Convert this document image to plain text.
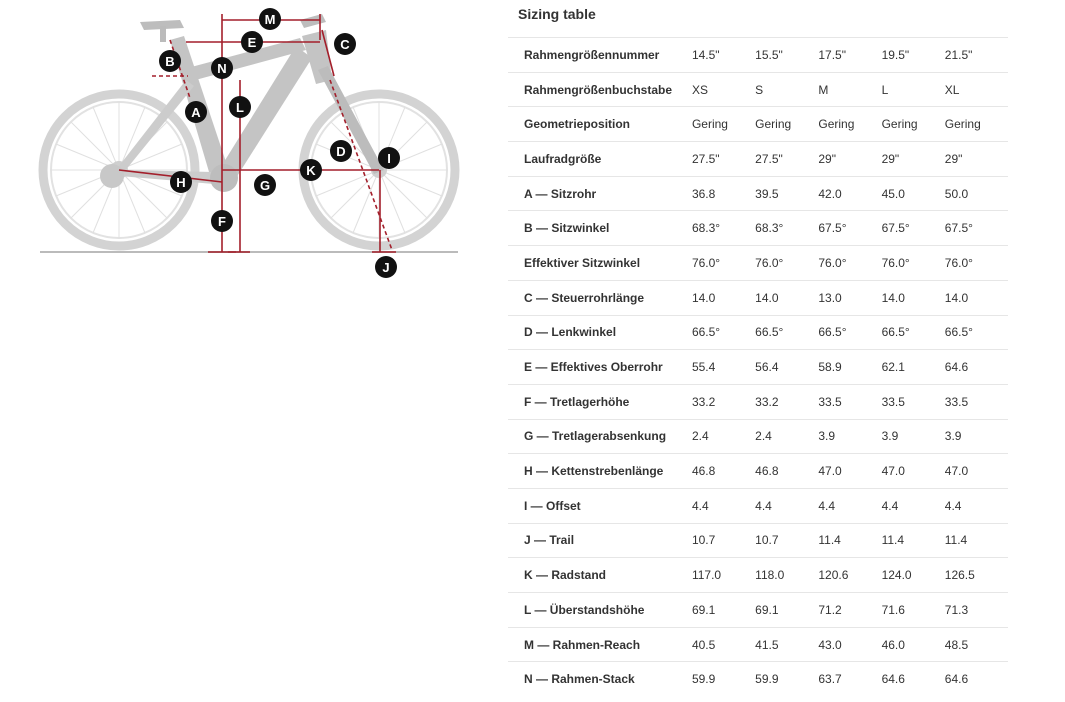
M
E	C
B	N
L
A
D	I
K
H	G
F
J
Sizing table
Rahmengrößennummer	14.5"	15.5"	17.5"	19.5"	21.5"
Rahmengrößenbuchstabe	XS	S	M	L	XL
Geometrieposition	Gering	Gering	Gering	Gering	Gering
Laufradgröße	27.5"	27.5"	29"	29"	29"
A — Sitzrohr	36.8	39.5	42.0	45.0	50.0
B — Sitzwinkel	68.3°	68.3°	67.5°	67.5°	67.5°
Effektiver Sitzwinkel	76.0°	76.0°	76.0°	76.0°	76.0°
C — Steuerrohrlänge	14.0	14.0	13.0	14.0	14.0
D — Lenkwinkel	66.5°	66.5°	66.5°	66.5°	66.5°
E — Effektives Oberrohr	55.4	56.4	58.9	62.1	64.6
F — Tretlagerhöhe	33.2	33.2	33.5	33.5	33.5
G — Tretlagerabsenkung	2.4	2.4	3.9	3.9	3.9
H — Kettenstrebenlänge	46.8	46.8	47.0	47.0	47.0
I — Offset	4.4	4.4	4.4	4.4	4.4
J — Trail	10.7	10.7	11.4	11.4	11.4
K — Radstand	117.0	118.0	120.6	124.0	126.5
L — Überstandshöhe	69.1	69.1	71.2	71.6	71.3
M — Rahmen-Reach	40.5	41.5	43.0	46.0	48.5
N — Rahmen-Stack	59.9	59.9	63.7	64.6	64.6
